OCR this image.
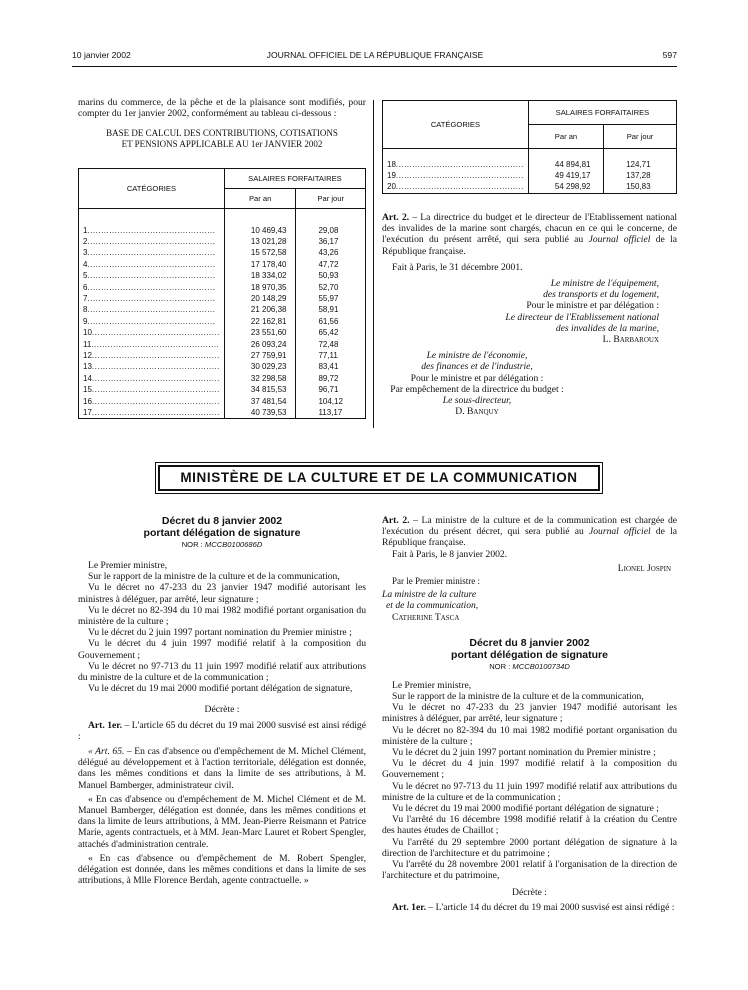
10 janvier 2002	JOURNAL OFFICIEL DE LA RÉPUBLIQUE FRANÇAISE	597

marins du commerce, de la pêche et de la plaisance sont modifiés, pour compter du 1er janvier 2002, conformément au tableau ci-dessous :

BASE DE CALCUL DES CONTRIBUTIONS, COTISATIONS
ET PENSIONS APPLICABLE AU 1er JANVIER 2002
CATÉGORIES	SALAIRES FORFAITAIRES	
	Par an	Par jour

1...............................................	10 469,43	29,08
2...............................................	13 021,28	36,17
3...............................................	15 572,58	43,26
4...............................................	17 178,40	47,72
5...............................................	18 334,02	50,93
6...............................................	18 970,35	52,70
7...............................................	20 148,29	55,97
8...............................................	21 206,38	58,91
9...............................................	22 162,81	61,56
10...............................................	23 551,60	65,42
11...............................................	26 093,24	72,48
12...............................................	27 759,91	77,11
13...............................................	30 029,23	83,41
14...............................................	32 298,58	89,72
15...............................................	34 815,53	96,71
16...............................................	37 481,54	104,12
17...............................................	40 739,53	113,17
CATÉGORIES	SALAIRES FORFAITAIRES	
	Par an	Par jour

18...............................................	44 894,81	124,71
19...............................................	49 419,17	137,28
20...............................................	54 298,92	150,83

Art. 2. – La directrice du budget et le directeur de l'Etablissement national des invalides de la marine sont chargés, chacun en ce qui le concerne, de l'exécution du présent arrêté, qui sera publié au Journal officiel de la République française.

Fait à Paris, le 31 décembre 2001.

Le ministre de l'équipement,
des transports et du logement,
Pour le ministre et par délégation :
Le directeur de l'Etablissement national
des invalides de la marine,
L. Barbaroux
Le ministre de l'économie,
des finances et de l'industrie,
Pour le ministre et par délégation :
Par empêchement de la directrice du budget :
Le sous-directeur,
D. Banquy
MINISTÈRE DE LA CULTURE ET DE LA COMMUNICATION
Décret du 8 janvier 2002
portant délégation de signature
NOR : MCCB0100686D

Le Premier ministre,

Sur le rapport de la ministre de la culture et de la communication,

Vu le décret no 47-233 du 23 janvier 1947 modifié autorisant les ministres à déléguer, par arrêté, leur signature ;

Vu le décret no 82-394 du 10 mai 1982 modifié portant organisation du ministère de la culture ;

Vu le décret du 2 juin 1997 portant nomination du Premier ministre ;

Vu le décret du 4 juin 1997 modifié relatif à la composition du Gouvernement ;

Vu le décret no 97-713 du 11 juin 1997 modifié relatif aux attributions du ministre de la culture et de la communication ;

Vu le décret du 19 mai 2000 modifié portant délégation de signature,

Décrète :

Art. 1er. – L'article 65 du décret du 19 mai 2000 susvisé est ainsi rédigé :

« Art. 65. – En cas d'absence ou d'empêchement de M. Michel Clément, délégué au développement et à l'action territoriale, délégation est donnée, dans les mêmes conditions et dans la limite de ses attributions, à M. Manuel Bamberger, administrateur civil.

« En cas d'absence ou d'empêchement de M. Michel Clément et de M. Manuel Bamberger, délégation est donnée, dans les mêmes conditions et dans la limite de leurs attributions, à MM. Jean-Pierre Reismann et Patrice Marie, agents contractuels, et à MM. Jean-Marc Lauret et Robert Spengler, attachés d'administration centrale.

« En cas d'absence ou d'empêchement de M. Robert Spengler, délégation est donnée, dans les mêmes conditions et dans la limite de ses attributions, à Mlle Florence Berdah, agente contractuelle. »

Art. 2. – La ministre de la culture et de la communication est chargée de l'exécution du présent décret, qui sera publié au Journal officiel de la République française.

Fait à Paris, le 8 janvier 2002.

Lionel Jospin

Par le Premier ministre :

La ministre de la culture

et de la communication,

Catherine Tasca

Décret du 8 janvier 2002
portant délégation de signature
NOR : MCCB0100734D

Le Premier ministre,

Sur le rapport de la ministre de la culture et de la communication,

Vu le décret no 47-233 du 23 janvier 1947 modifié autorisant les ministres à déléguer, par arrêté, leur signature ;

Vu le décret no 82-394 du 10 mai 1982 modifié portant organisation du ministère de la culture ;

Vu le décret du 2 juin 1997 portant nomination du Premier ministre ;

Vu le décret du 4 juin 1997 modifié relatif à la composition du Gouvernement ;

Vu le décret no 97-713 du 11 juin 1997 modifié relatif aux attributions du ministre de la culture et de la communication ;

Vu le décret du 19 mai 2000 modifié portant délégation de signature ;

Vu l'arrêté du 16 décembre 1998 modifié relatif à la création du Centre des hautes études de Chaillot ;

Vu l'arrêté du 29 septembre 2000 portant délégation de signature à la direction de l'architecture et du patrimoine ;

Vu l'arrêté du 28 novembre 2001 relatif à l'organisation de la direction de l'architecture et du patrimoine,

Décrète :

Art. 1er. – L'article 14 du décret du 19 mai 2000 susvisé est ainsi rédigé :
